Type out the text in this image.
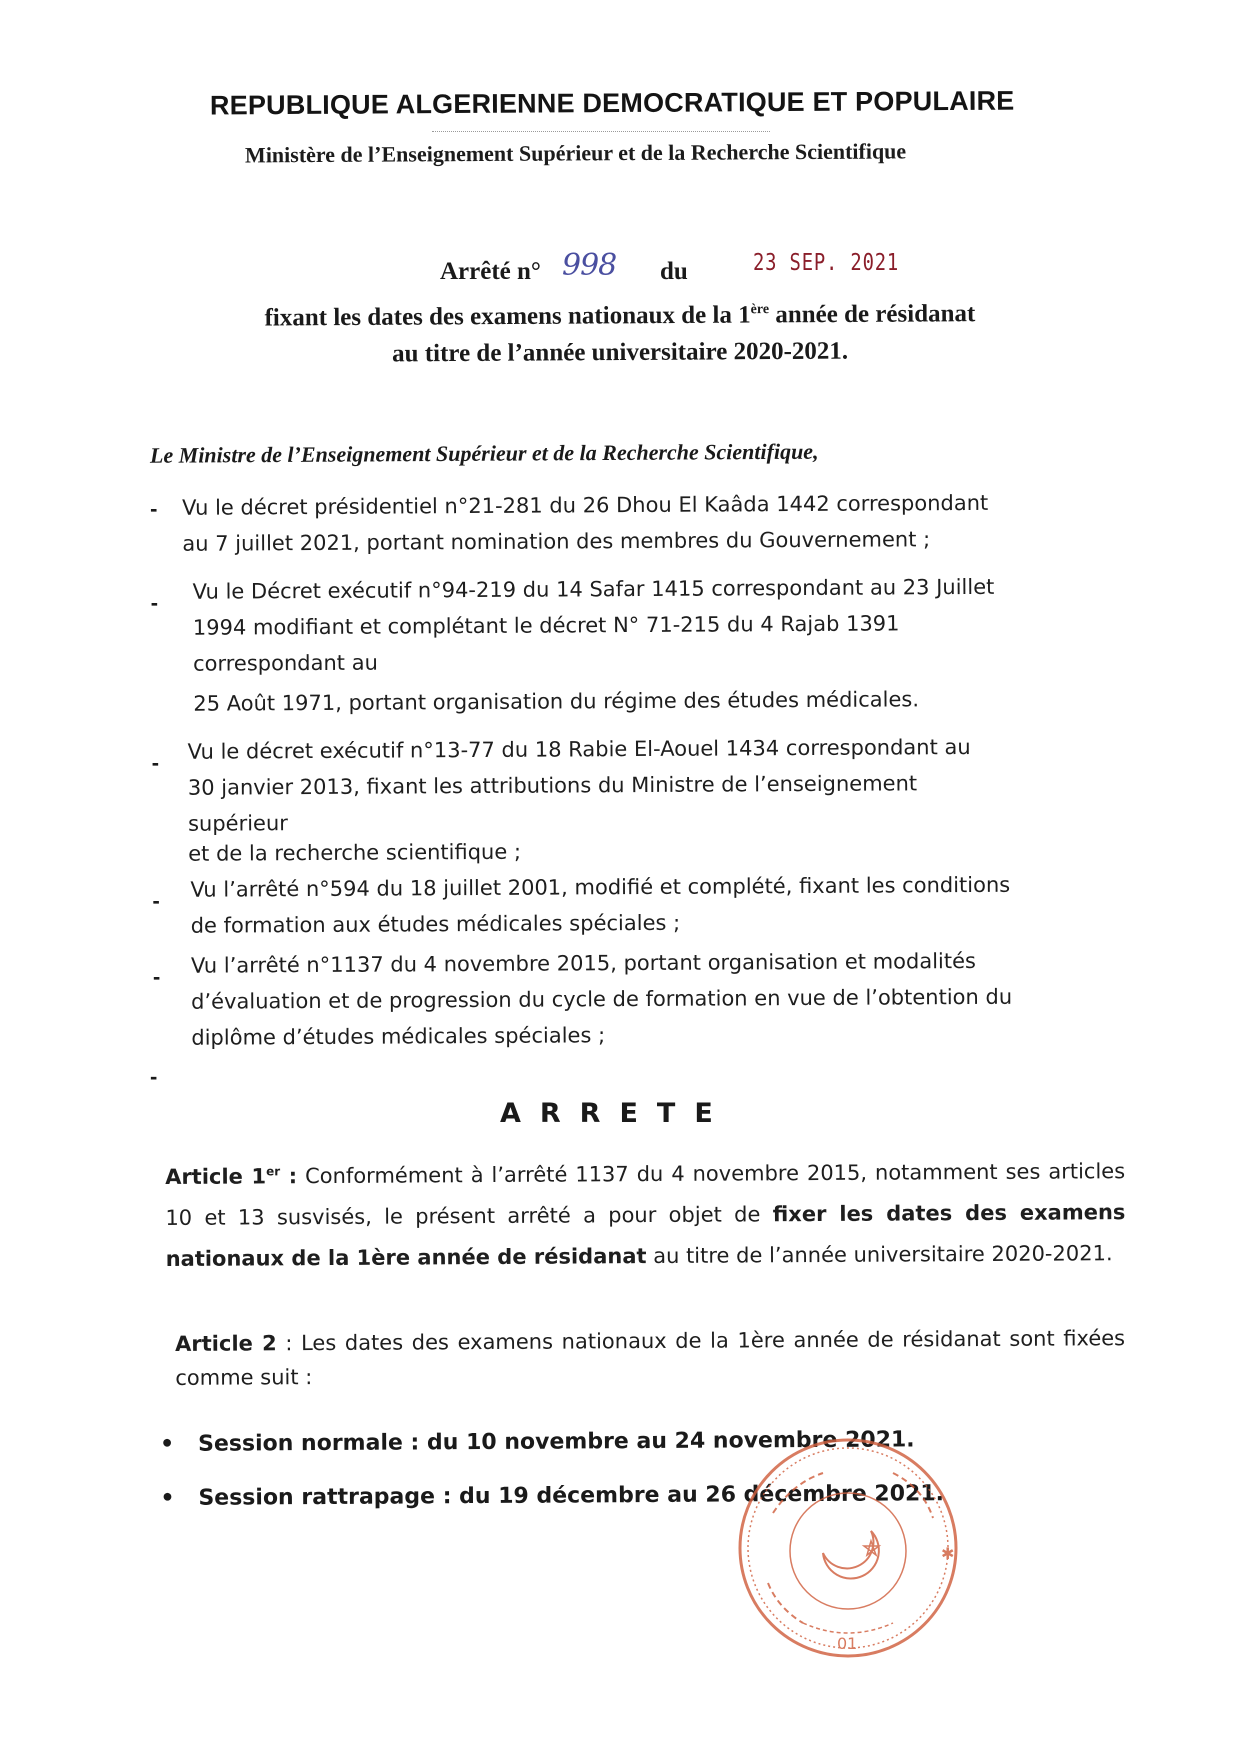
REPUBLIQUE ALGERIENNE DEMOCRATIQUE ET POPULAIRE
Ministère de l’Enseignement Supérieur et de la Recherche Scientifique
Arrêté n° 998 du	23 SEP. 2021
fixant les dates des examens nationaux de la 1ère année de résidanat
au titre de l’année universitaire 2020-2021.
Le Ministre de l’Enseignement Supérieur et de la Recherche Scientifique,
- Vu le décret présidentiel n°21-281 du 26 Dhou El Kaâda 1442 correspondant
au 7 juillet 2021, portant nomination des membres du Gouvernement ;
- Vu le Décret exécutif n°94-219 du 14 Safar 1415 correspondant au 23 Juillet
1994 modifiant et complétant le décret N° 71-215 du 4 Rajab 1391
correspondant au
25 Août 1971, portant organisation du régime des études médicales.
- Vu le décret exécutif n°13-77 du 18 Rabie El-Aouel 1434 correspondant au
30 janvier 2013, fixant les attributions du Ministre de l’enseignement
supérieur
et de la recherche scientifique ;
- Vu l’arrêté n°594 du 18 juillet 2001, modifié et complété, fixant les conditions
de formation aux études médicales spéciales ;
- Vu l’arrêté n°1137 du 4 novembre 2015, portant organisation et modalités
d’évaluation et de progression du cycle de formation en vue de l’obtention du
diplôme d’études médicales spéciales ;
-
ARRETE

Article 1er : Conformément à l’arrêté 1137 du 4 novembre 2015, notamment ses articles 10 et 13 susvisés, le présent arrêté a pour objet de fixer les dates des examens nationaux de la 1ère année de résidanat au titre de l’année universitaire 2020-2021.

Article 2 : Les dates des examens nationaux de la 1ère année de résidanat sont fixées comme suit :

• Session normale : du 10 novembre au 24 novembre 2021.
• Session rattrapage : du 19 décembre au 26 décembre 2021.
✱
01
